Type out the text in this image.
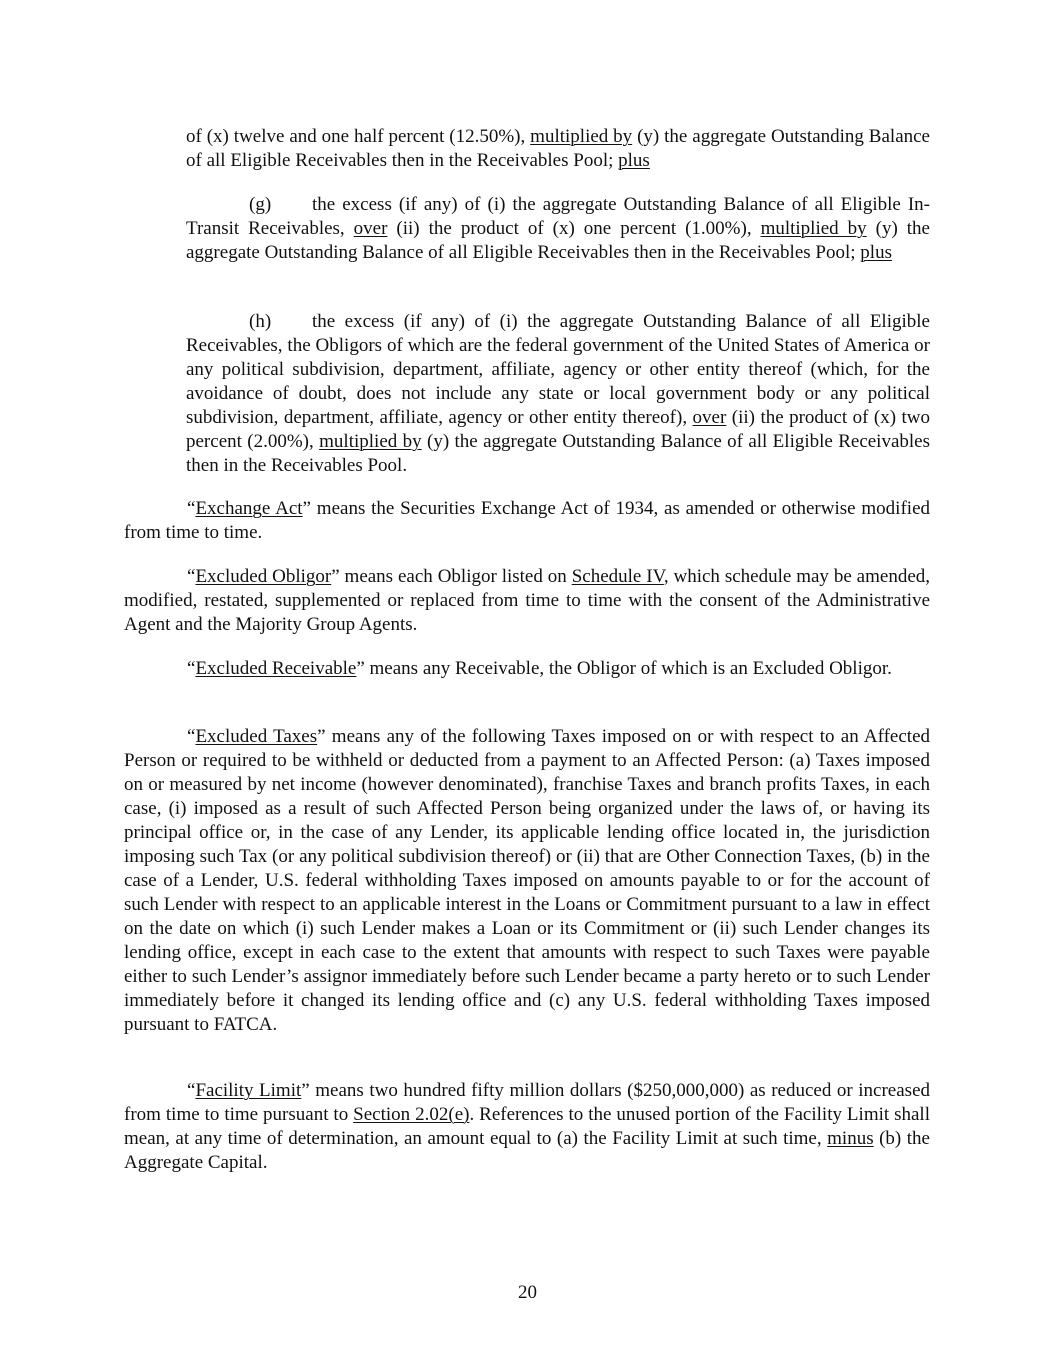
of (x) twelve and one half percent (12.50%), multiplied by (y) the aggregate Outstanding Balance of all Eligible Receivables then in the Receivables Pool; plus

(g) the excess (if any) of (i) the aggregate Outstanding Balance of all Eligible In-Transit Receivables, over (ii) the product of (x) one percent (1.00%), multiplied by (y) the aggregate Outstanding Balance of all Eligible Receivables then in the Receivables Pool; plus

(h) the excess (if any) of (i) the aggregate Outstanding Balance of all Eligible Receivables, the Obligors of which are the federal government of the United States of America or any political subdivision, department, affiliate, agency or other entity thereof (which, for the avoidance of doubt, does not include any state or local government body or any political subdivision, department, affiliate, agency or other entity thereof), over (ii) the product of (x) two percent (2.00%), multiplied by (y) the aggregate Outstanding Balance of all Eligible Receivables then in the Receivables Pool.

“Exchange Act” means the Securities Exchange Act of 1934, as amended or otherwise modified from time to time.

“Excluded Obligor” means each Obligor listed on Schedule IV, which schedule may be amended, modified, restated, supplemented or replaced from time to time with the consent of the Administrative Agent and the Majority Group Agents.

“Excluded Receivable” means any Receivable, the Obligor of which is an Excluded Obligor.

“Excluded Taxes” means any of the following Taxes imposed on or with respect to an Affected Person or required to be withheld or deducted from a payment to an Affected Person: (a) Taxes imposed on or measured by net income (however denominated), franchise Taxes and branch profits Taxes, in each case, (i) imposed as a result of such Affected Person being organized under the laws of, or having its principal office or, in the case of any Lender, its applicable lending office located in, the jurisdiction imposing such Tax (or any political subdivision thereof) or (ii) that are Other Connection Taxes, (b) in the case of a Lender, U.S. federal withholding Taxes imposed on amounts payable to or for the account of such Lender with respect to an applicable interest in the Loans or Commitment pursuant to a law in effect on the date on which (i) such Lender makes a Loan or its Commitment or (ii) such Lender changes its lending office, except in each case to the extent that amounts with respect to such Taxes were payable either to such Lender’s assignor immediately before such Lender became a party hereto or to such Lender immediately before it changed its lending office and (c) any U.S. federal withholding Taxes imposed pursuant to FATCA.

“Facility Limit” means two hundred fifty million dollars ($250,000,000) as reduced or increased from time to time pursuant to Section 2.02(e). References to the unused portion of the Facility Limit shall mean, at any time of determination, an amount equal to (a) the Facility Limit at such time, minus (b) the Aggregate Capital.

20
